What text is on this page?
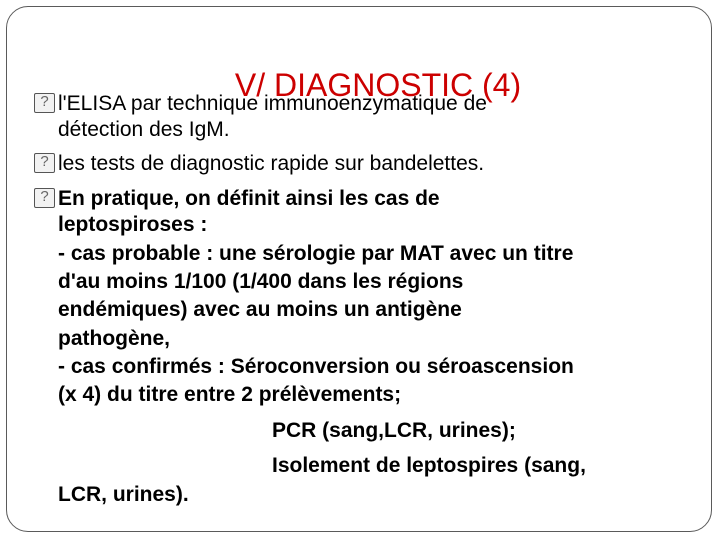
V/ DIAGNOSTIC (4)
?l'ELISA par technique immunoenzymatique de
détection des IgM.
?les tests de diagnostic rapide sur bandelettes.
?En pratique, on définit ainsi les cas de
leptospiroses :
- cas probable : une sérologie par MAT avec un titre
d'au moins 1/100 (1/400 dans les régions
endémiques) avec au moins un antigène
pathogène,
- cas confirmés : Séroconversion ou séroascension
(x 4) du titre entre 2 prélèvements;
PCR (sang,LCR, urines);
Isolement de leptospires (sang,
LCR, urines).
